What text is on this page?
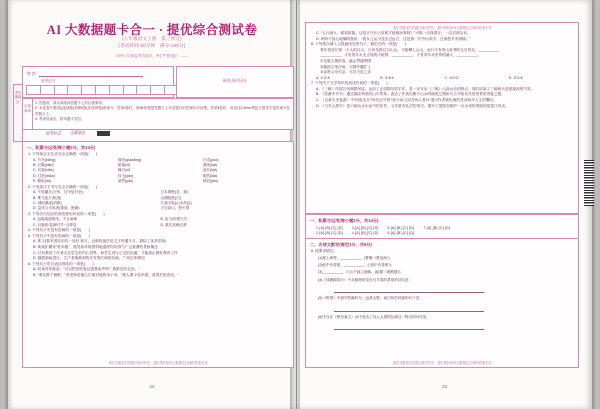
AI 大数据题卡合一 · 提优综合测试卷
(八年级语文上册　第三单元)
(考试时间:60分钟　满分:100分)
请考生认真监考员指导，考生严禁违纪：——
考生填涂区
姓名:
准考证号	粘贴条形码区
注意事项
1. 答题前，请认真阅读答题卡上的注意事项。
2. 本试卷分第Ⅰ卷(选择题)和第Ⅱ卷(非选择题)两部分。答第Ⅰ卷时，用2B铅笔把答题卡上对应题目的答案标号涂黑。答第Ⅱ卷时，用直径0.5mm黑色字迹签字笔答案写在答题卡上。
3. 考试结束后，将本题卡交回。
缺考标记 正确填涂
一、积累与运用(每小题2分，共14分)
1. 下列加点字注音完全正确的一项是(　　)
A. 芎芎(xiōng)	翘首(qiáodǐng)	白雪(pǔo)
B. 巨喙(xiāo)	颓扉(xī)	凛冽(kǎi)
C. 长缜(xiāo)	曛日(xī)	寇开(kǎi)
D. 打虚(miǎo)	炸飞(yàn)	颓然(kǎi)
E. 颓垣(dū)	寒然(yǎn)	挫折(jiàn)
2. 下列加点字书写完全正确的一项是(　　)
A. 不见曦月(万仞、迂甲复归至)	日本箫绝(若、重)
B. 鸢飞戾天者(冽)	沿溯阻绝(白)
C. 城雨潺湲(消散)	江流天际(山水高远)
D. 急风与为风者(重崖、绝障)	天空高山，野天望
3. 下列各句加点的成语使用有误的一项是(　　)
A. 运输周旋航线，不言而喻	B. 起飞/仰望天空
C. 巨鹿原/更新时节~言停息	D. 重岳高峻长翠
4. 下列句子中没有语病的一项是(　　)
5. 下列句子中没有语病的一项是(　　)
A. 郭子(春中国近年的一处好 和言，记载的值法是文字形通半月，描绘了优美景象)
B. 焕染矿藏采“资本植”，重见取环境资料地湿度均均得力广泛重叠的景致概念
C. 只有教育工作者走近学生的内心世界，和学生进行心灵的沟通，才能真正做好教育工作
D. 随着那场进行，生产者渐渐面的开发等区域的价值，广西总体增加
6. 下列句子语言表达得体的一项是(　　)
A. 同桌对你称说：“可以把你的笔记借我参考吗？我都没有记全。”
B. “事实胜于雄辩，”李老师语重心长地对他的弟子说，“做人要少说多做，莫得打诳语话。”
请在各题目的答题区域内作答，超出黑色矩形边框限定区域的答案无效
25
请在各题目的答题区域内作答，超出黑色矩形边框限定区域的答案无效
C. “七月流火，微架收割，这是天气什么时候才能够凉爽呀？”小陈一边抹着汗，一边对朋友说。
D. 妈妈不放心地嘱咐我说：“我女儿从小没出过远门，这是第一次外出求学，还请您多多照顾。”
6. 下列依次填入文段画线处的句子，最恰当的一项是(　　)
青年是成长第一个人的口山，只有先跨过月山山，才能攀上山山，此行才有青山奇秀的无尽风光，__________
__________，才有青年永无止境的天地界，__________，才有青年对世界的融入，__________。
①穿越人情世故，融会贯通利国
②跳跃万里沙场，尽情开疆扩土
③亲吻父母长亲，尽享天伦之乐
A. ①②③	B. ②③①	C. ③①②	D. ②①③
7. 下列关于文学常识的表述有误的一项是(　　)
A. 《三峡》结尾巧用渔歌民谣，运用了正面描写的手法，是一步写出《三峡》山高水长的特点，同时渲染了三峡秋天悲寒凄凉的气氛。
B. 《答谢中书书》通过描绘秀美的山川景象，表达了作者沉醉于山水的愉悦之情和与古今知音共赏美景的得意之感。
C. 《记承天寺夜游》中“何夜无月?何处无竹柏?但少闲人如吾两人者耳”道出作者被贬谪的悲凉和对人生的慨叹。
D. 《与朱元思书》是六朝山水小品中的佳作，文中富有礼法的形式，描写了富阳至桐庐一百余里的秀丽的富春江风光。
一、积累与运用(每小题2分，共14分)
1.[A] [B] [C] [D]	3.[A] [B] [C] [D]	5.[A] [B] [C] [D]	7.[A] [B] [C] [D]
2.[A] [B] [C] [D]	4.[A] [B] [C] [D]	6.[A] [B] [C] [D]
二、古诗文默写(每空1分，共9分)
8. 按要求填空。
(1)树上黄莺，__________。(曹操《观沧海》)
(2)庭中有奇树，__________。(《庭中有奇树》)
(3)__________，江山千载立朝焕。(崔颢《黄鹤楼》)
(4)《钱塘湖春行》中从植物的变化写早春的景象的诗句是：
(5)《野望》中借写牧晚时分，远景山野，离归依依秋意的句子是：
(6)中自在《使至塞上》诗中表达了诗人大漠的壮阔这一特点的诗句是：
请在各题目的答题区域内作答，超出黑色矩形边框限定区域的答案无效
26
